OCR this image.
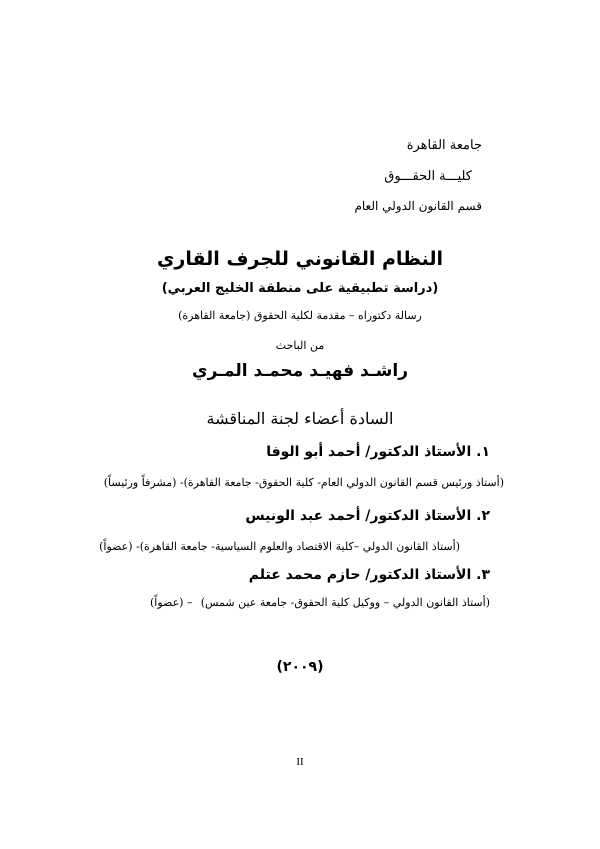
جامعة القاهرة
كليـــة الحقـــوق
قسم القانون الدولي العام
النظام القانوني للجرف القاري
(دراسة تطبيقية على منطقة الخليج العربي)
رسالة دكتوراه – مقدمة لكلية الحقوق (جامعة القاهرة)
من الباحث
راشـد فهيـد محمـد المـري
السادة أعضاء لجنة المناقشة
١. الأستاذ الدكتور/ أحمد أبو الوفا
(أستاذ ورئيس قسم القانون الدولي العام- كلية الحقوق- جامعة القاهرة)- (مشرفاً ورئيساً)
٢. الأستاذ الدكتور/ أحمد عبد الونيس
(أستاذ القانون الدولي –كلية الاقتصاد والعلوم السياسية- جامعة القاهرة)- (عضواً)
٣. الأستاذ الدكتور/ حازم محمد عتلم
(أستاذ القانون الدولي – ووكيل كلية الحقوق- جامعة عين شمس)
– (عضواً)
(٢٠٠٩)
II
